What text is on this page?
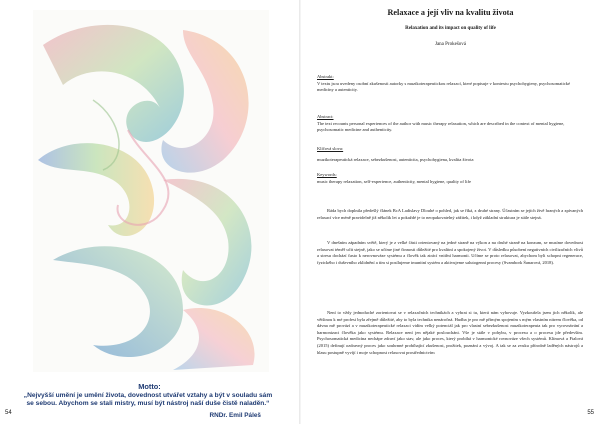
Motto:
„Nejvyšší umění je umění života, dovednost utvářet vztahy a být v souladu sám se sebou. Abychom se stali mistry, musí být nástroj naší duše čistě naladěn.“
RNDr. Emil Páleš
54
Relaxace a její vliv na kvalitu života
Relaxation and its impact on quality of life
Jana Prokešová
Abstrakt:
V textu jsou uvedeny osobní zkušenosti autorky s muzikoterapeutickou relaxací, které popisuje v kontextu psychohygieny, psychosomatické medicíny a autenticity.
Abstract:
The text recounts personal experiences of the author with music therapy relaxation, which are described in the context of mental hygiene, psychosomatic medicine and authenticity.
Klíčová slova:
muzikoterapeutická relaxace, sebezkušenost, autenticita, psychohygiena, kvalita života
Keywords:
music therapy relaxation, self-experience, authenticity, mental hygiene, quality of life
Ráda bych doplnila předešlý článek BcA Ladislavy Dlouhé o pohled, jak se říká, z druhé strany. Účastním se jejích živě hraných a zpívaných relaxací více méně pravidelně již několik let a pokaždé je to neopakovatelný zážitek, i když základní struktura je stále stejná.
V dnešním západním světě, který je z velké části orientovaný na jedné straně na výkon a na druhé straně na konzum, se musíme dovednost relaxovat téměř učit stejně, jako se učíme jiné činnosti důležité pro kvalitní a spokojený život. V důsledku působení negativních civilizačních vlivů a stresu dochází často k nerovnováze systému a člověk tak ztrácí vnitřní harmonii. Učíme se proto relaxovat, abychom byli schopni regenerace, fyzického i duševního zklidnění a tím si posílujeme imunitní systém a aktivujeme salutogenní procesy (Svambork Šanarová, 2018).
Není to vždy jednoduché zorientovat se v relaxačních technikách a vybrat si tu, která nám vyhovuje. Vyzkoušela jsem jich několik, ale většinou k mé profesi byla zřejmě důležité, aby to byla technika nenáročná. Hudba je pro mě přímým spojením s mým vlastním nitrem člověka, od dávna mě provází a v muzikoterapeutické relaxaci vidím velký potenciál jak pro vlastní sebezkušenost muzikoterapeuta tak pro vyrovnávání a harmonizaci člověka jako systému. Relaxace není jen nějaké posloucháni. Vše je stále v pohybu, v procesu a o procesu jde především. Psychosomatická medicína nechápe zdraví jako stav, ale jako proces, který probíhá v harmonické rovnováze všech systémů. Klímová a Fialová (2015) definují ozdravný proces jako souhrnné probíhající zkušenost, prožitek, poznání a vývoj. A tak se za zvuku přírodně laděných nástrojů a hlasu postupně vyvíjí i moje schopnost relaxovat prostřednictvím
55
